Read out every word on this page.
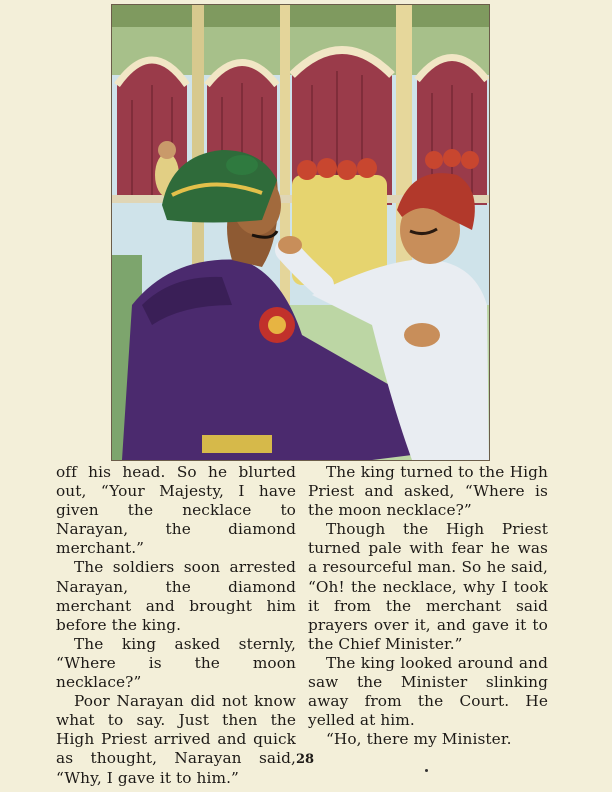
off his head. So he blurted out, “Your Majesty, I have given the necklace to Narayan, the diamond merchant.”

The soldiers soon arrested Narayan, the diamond merchant and brought him before the king.

The king asked sternly, “Where is the moon necklace?”

Poor Narayan did not know what to say. Just then the High Priest arrived and quick as thought, Narayan said, “Why, I gave it to him.”

The king turned to the High Priest and asked, “Where is the moon necklace?”

Though the High Priest turned pale with fear he was a resourceful man. So he said, “Oh! the necklace, why I took it from the merchant said prayers over it, and gave it to the Chief Minister.”

The king looked around and saw the Minister slinking away from the Court. He yelled at him.

“Ho, there my Minister.

28
